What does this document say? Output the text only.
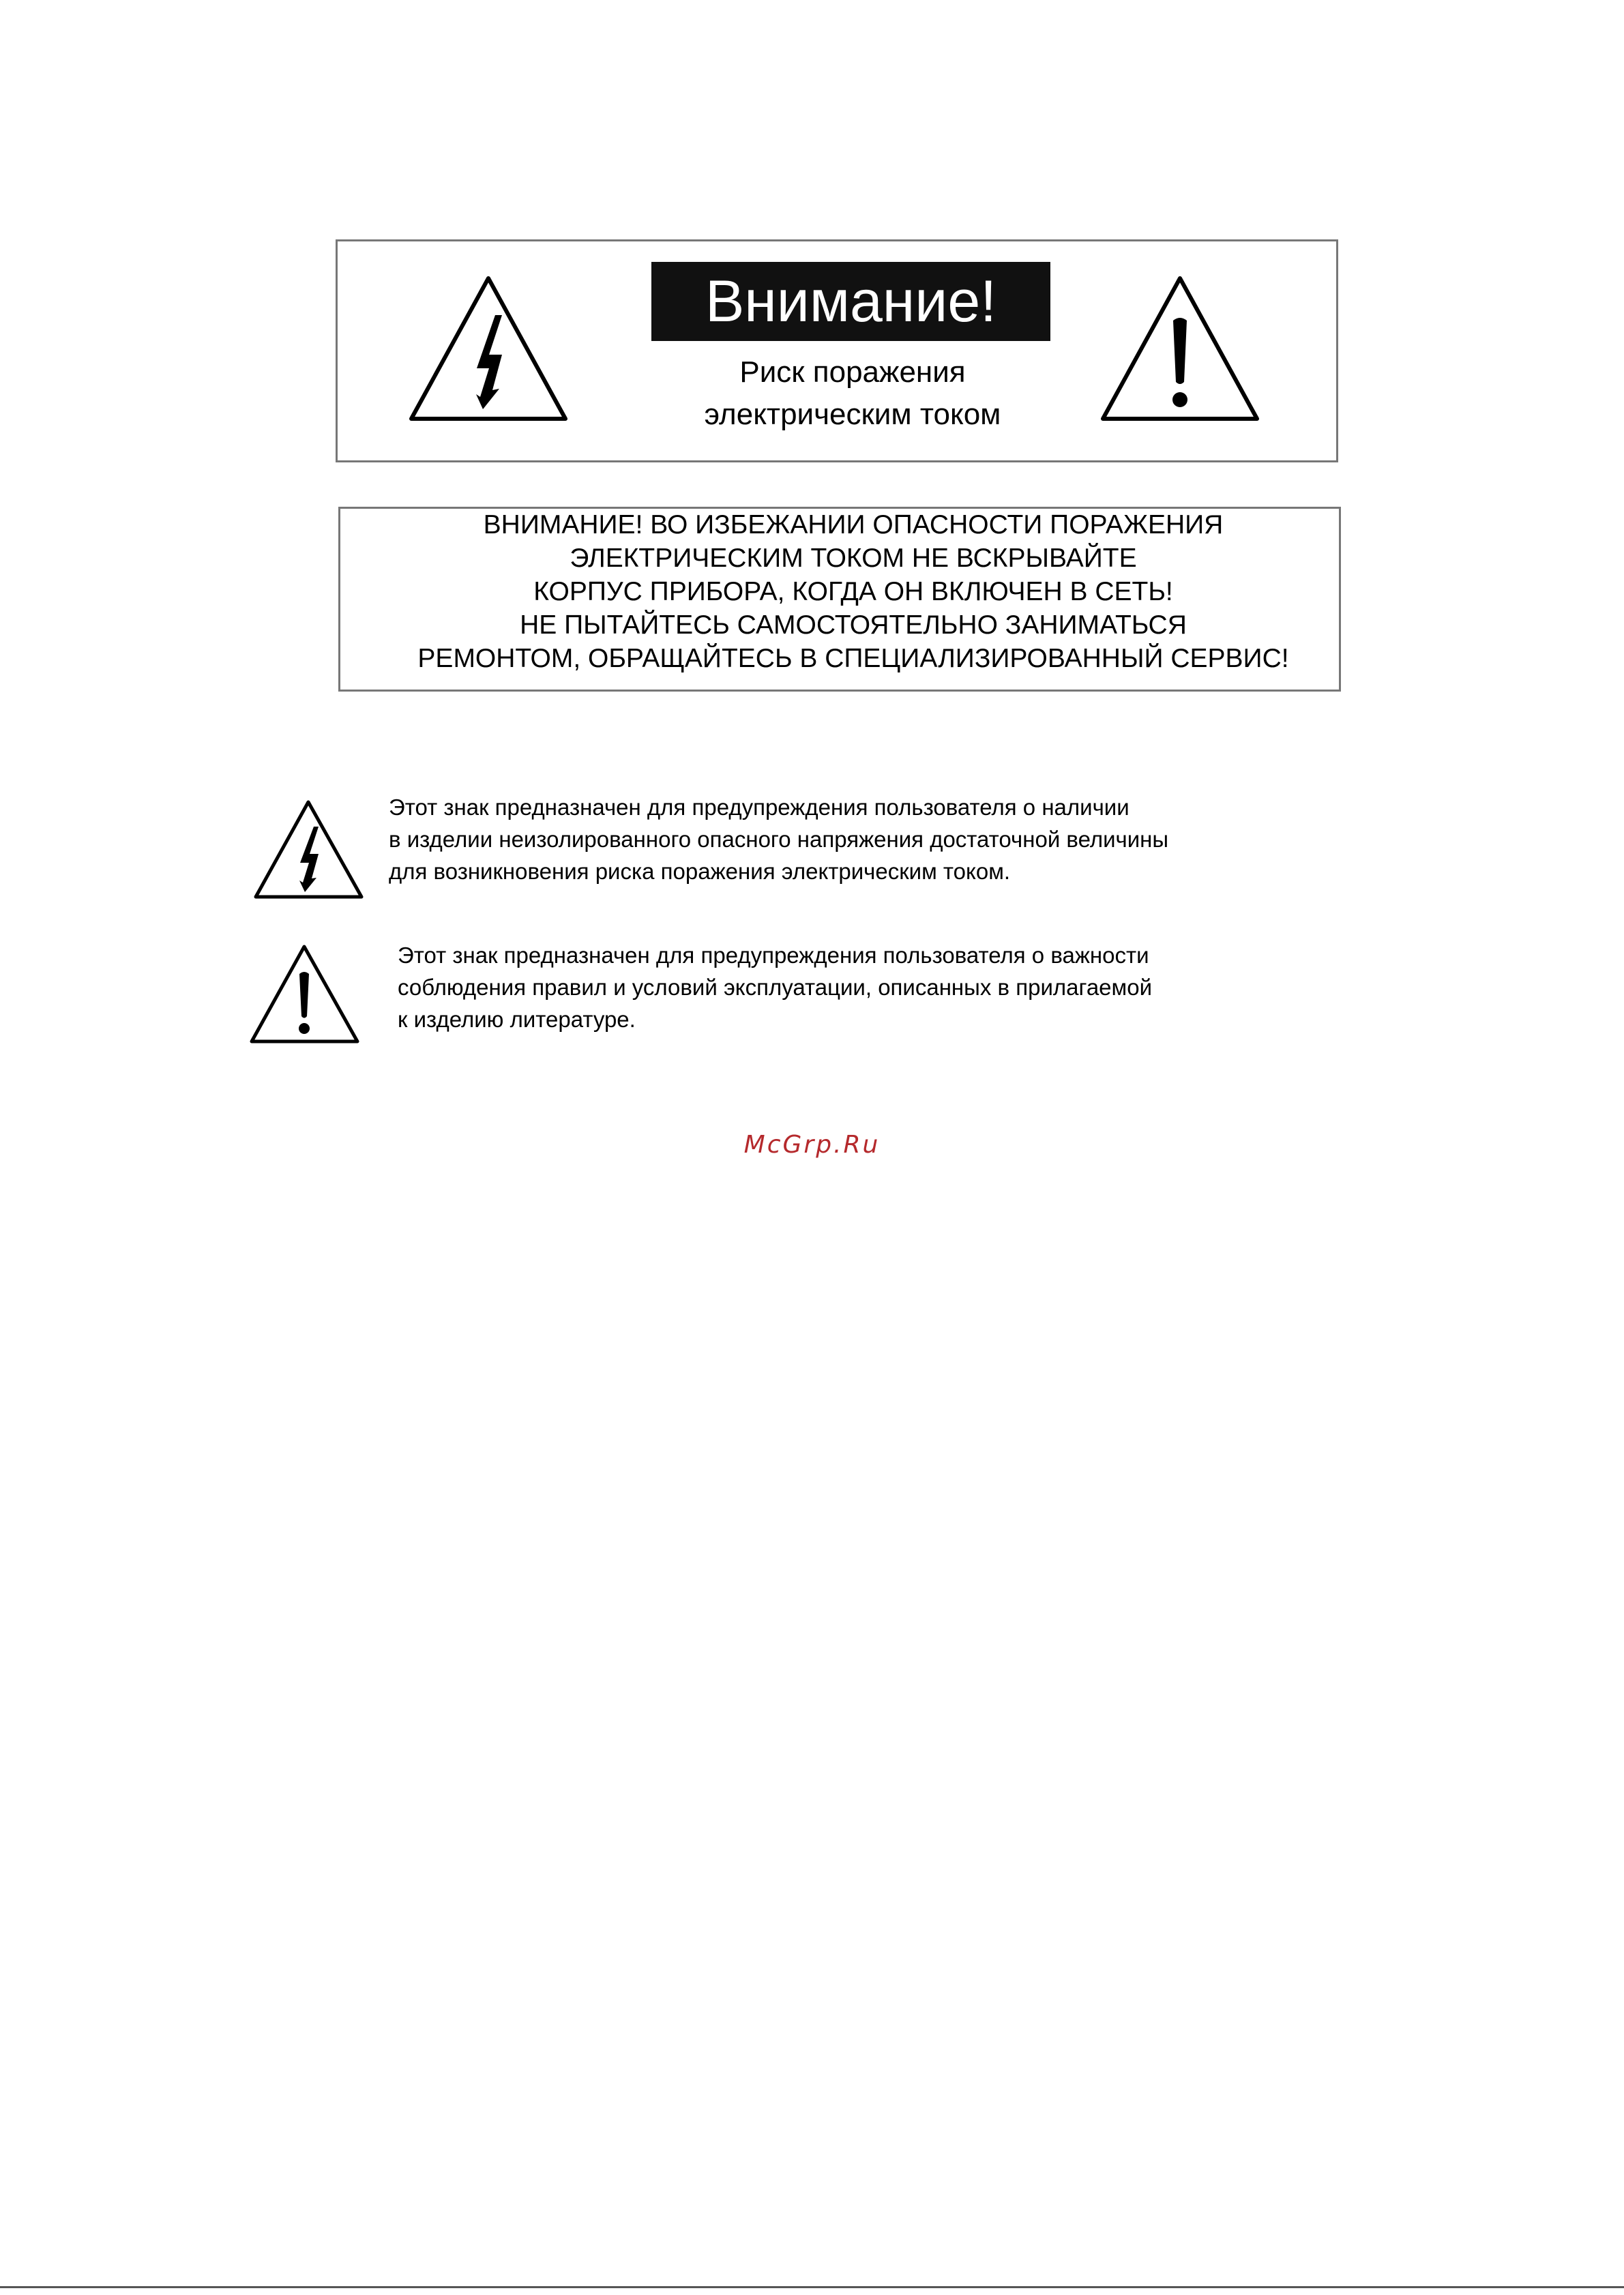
Внимание!
Риск поражения
электрическим током
ВНИМАНИЕ! ВО ИЗБЕЖАНИИ ОПАСНОСТИ ПОРАЖЕНИЯ
ЭЛЕКТРИЧЕСКИМ ТОКОМ НЕ ВСКРЫВАЙТЕ
КОРПУС ПРИБОРА, КОГДА ОН ВКЛЮЧЕН В СЕТЬ!
НЕ ПЫТАЙТЕСЬ САМОСТОЯТЕЛЬНО ЗАНИМАТЬСЯ
РЕМОНТОМ, ОБРАЩАЙТЕСЬ В СПЕЦИАЛИЗИРОВАННЫЙ СЕРВИС!
Этот знак предназначен для предупреждения пользователя о наличии
в изделии неизолированного опасного напряжения достаточной величины
для возникновения риска поражения электрическим током.
Этот знак предназначен для предупреждения пользователя о важности
соблюдения правил и условий эксплуатации, описанных в прилагаемой
к изделию литературе.
McGrp.Ru
